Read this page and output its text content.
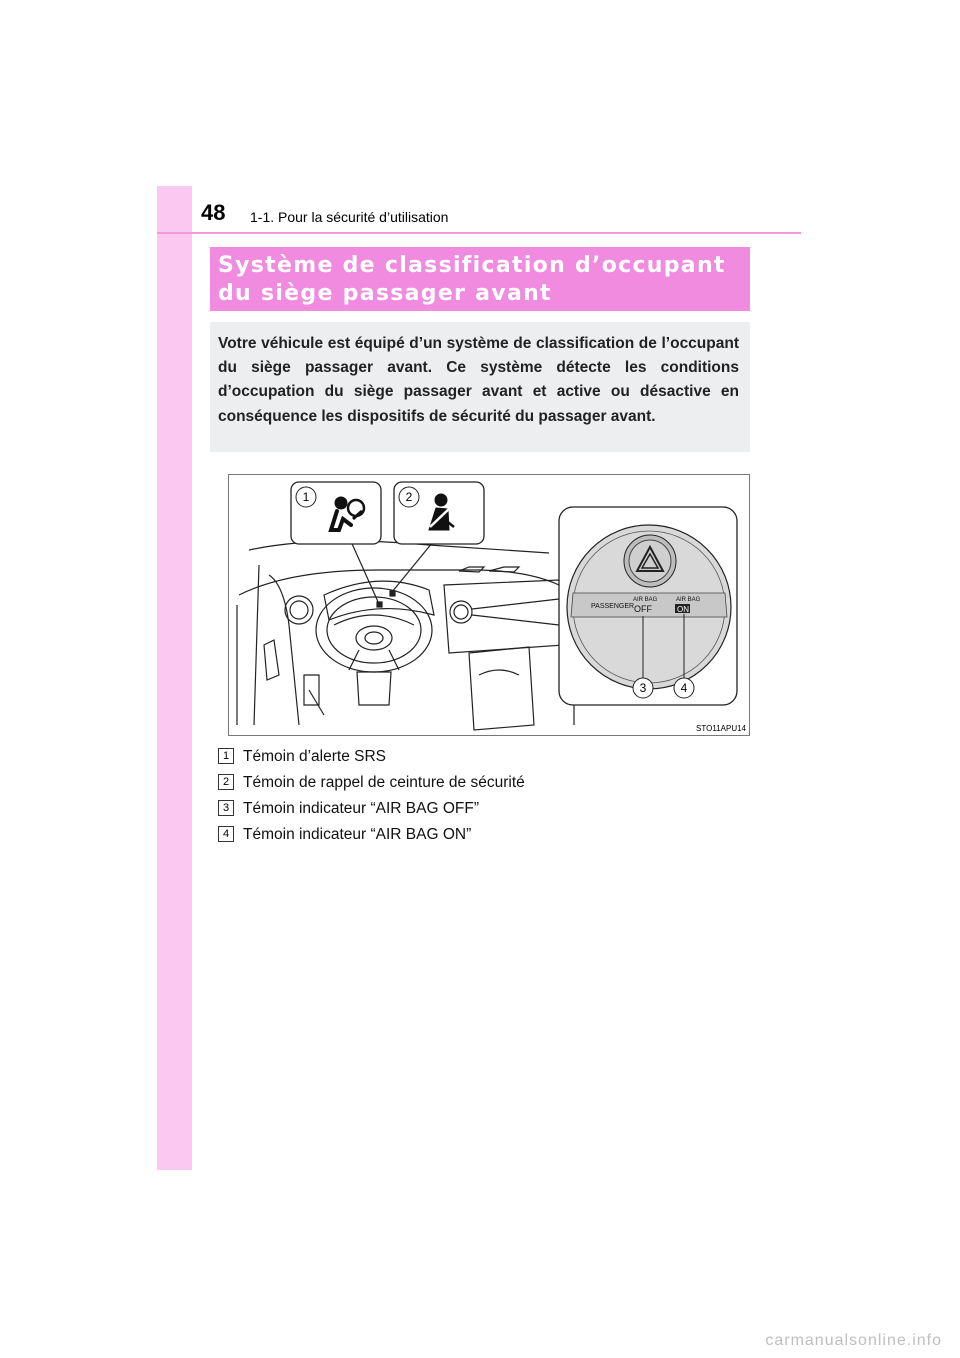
48 1-1. Pour la sécurité d’utilisation
Système de classification d’occupant du siège passager avant
Votre véhicule est équipé d’un système de classification de l’occupant du siège passager avant. Ce système détecte les conditions d’occupation du siège passager avant et active ou désactive en conséquence les dispositifs de sécurité du passager avant.
1	2
PASSENGER
AIR BAG
OFF
AIR BAG
ON
3	4
STO11APU14
1 Témoin d’alerte SRS
2 Témoin de rappel de ceinture de sécurité
3 Témoin indicateur “AIR BAG OFF”
4 Témoin indicateur “AIR BAG ON”
carmanualsonline.info
